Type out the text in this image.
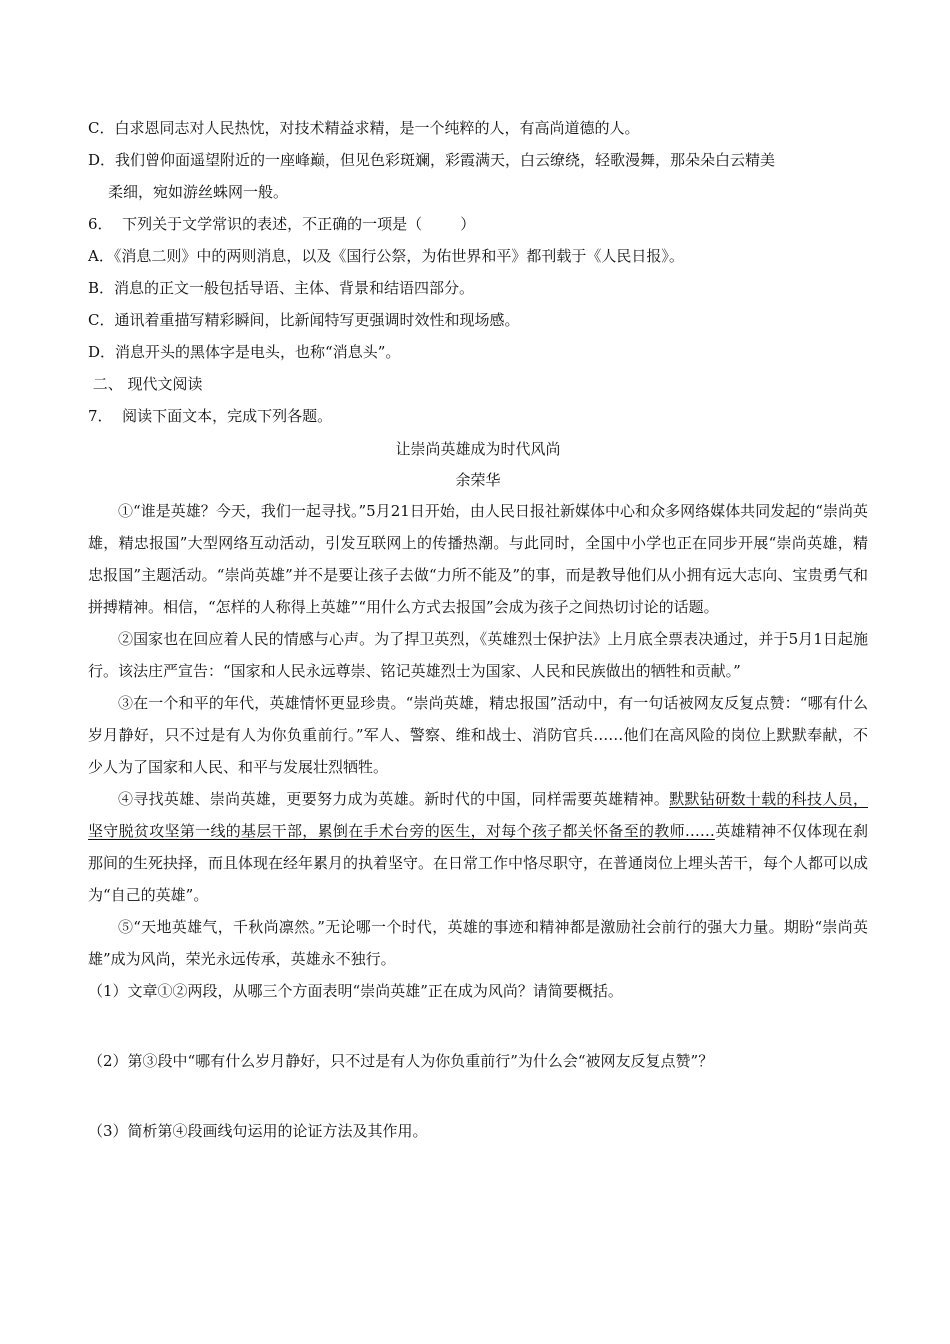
C．白求恩同志对人民热忱，对技术精益求精，是一个纯粹的人，有高尚道德的人。
D．我们曾仰面遥望附近的一座峰巅，但见色彩斑斓，彩霞满天，白云缭绕，轻歌漫舞，那朵朵白云精美
柔细，宛如游丝蛛网一般。
6．  下列关于文学常识的表述，不正确的一项是（        ）
A．《消息二则》中的两则消息，以及《国行公祭，为佑世界和平》都刊载于《人民日报》。
B．消息的正文一般包括导语、主体、背景和结语四部分。
C．通讯着重描写精彩瞬间，比新闻特写更强调时效性和现场感。
D．消息开头的黑体字是电头，也称“消息头”。
二、 现代文阅读
7．  阅读下面文本，完成下列各题。
让崇尚英雄成为时代风尚
余荣华
①“谁是英雄？今天，我们一起寻找。”5月21日开始，由人民日报社新媒体中心和众多网络媒体共同发起的“崇尚英雄，精忠报国”大型网络互动活动，引发互联网上的传播热潮。与此同时，全国中小学也正在同步开展“崇尚英雄，精忠报国”主题活动。“崇尚英雄”并不是要让孩子去做“力所不能及”的事，而是教导他们从小拥有远大志向、宝贵勇气和拼搏精神。相信，“怎样的人称得上英雄”“用什么方式去报国”会成为孩子之间热切讨论的话题。
②国家也在回应着人民的情感与心声。为了捍卫英烈，《英雄烈士保护法》上月底全票表决通过，并于5月1日起施行。该法庄严宣告：“国家和人民永远尊崇、铭记英雄烈士为国家、人民和民族做出的牺牲和贡献。”
③在一个和平的年代，英雄情怀更显珍贵。“崇尚英雄，精忠报国”活动中，有一句话被网友反复点赞：“哪有什么岁月静好，只不过是有人为你负重前行。”军人、警察、维和战士、消防官兵……他们在高风险的岗位上默默奉献，不少人为了国家和人民、和平与发展壮烈牺牲。
④寻找英雄、崇尚英雄，更要努力成为英雄。新时代的中国，同样需要英雄精神。默默钻研数十载的科技人员，坚守脱贫攻坚第一线的基层干部，累倒在手术台旁的医生，对每个孩子都关怀备至的教师……英雄精神不仅体现在刹那间的生死抉择，而且体现在经年累月的执着坚守。在日常工作中恪尽职守，在普通岗位上埋头苦干，每个人都可以成为“自己的英雄”。
⑤“天地英雄气，千秋尚凛然。”无论哪一个时代，英雄的事迹和精神都是激励社会前行的强大力量。期盼“崇尚英雄”成为风尚，荣光永远传承，英雄永不独行。
（1）文章①②两段，从哪三个方面表明“崇尚英雄”正在成为风尚？请简要概括。
（2）第③段中“哪有什么岁月静好，只不过是有人为你负重前行”为什么会“被网友反复点赞”？
（3）简析第④段画线句运用的论证方法及其作用。
